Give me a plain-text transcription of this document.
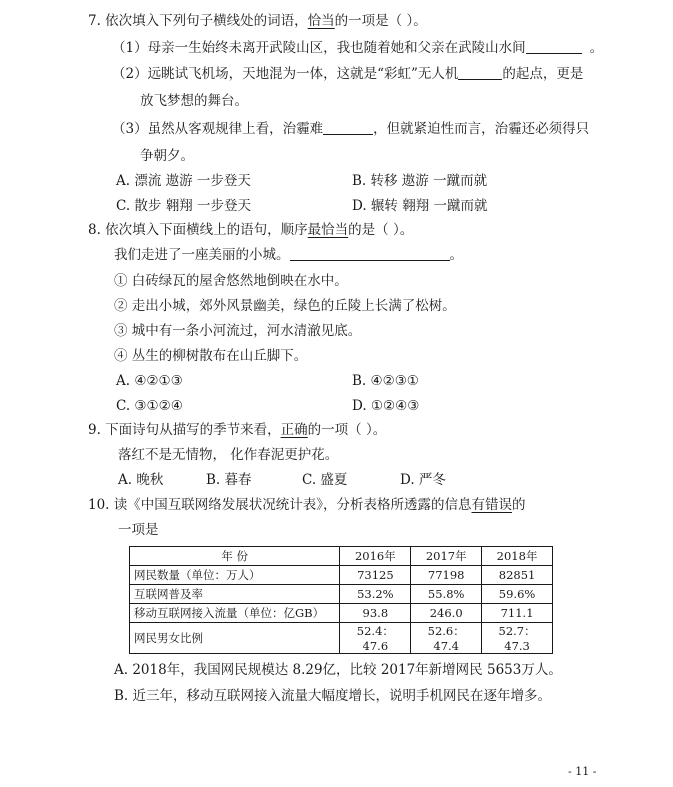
7. 依次填入下列句子横线处的词语，恰当的一项是（ ）。
（1）母亲一生始终未离开武陵山区，我也随着她和父亲在武陵山水间	。
（2）远眺试飞机场，天地混为一体，这就是“彩虹”无人机	的起点，更是
放飞梦想的舞台。
（3）虽然从客观规律上看，治霾难	，但就紧迫性而言，治霾还必须得只
争朝夕。
A. 漂流 遨游 一步登天	B. 转移 遨游 一蹴而就
C. 散步 翱翔 一步登天	D. 辗转 翱翔 一蹴而就
8. 依次填入下面横线上的语句，顺序最恰当的是（ ）。
我们走进了一座美丽的小城。	。
① 白砖绿瓦的屋舍悠然地倒映在水中。
② 走出小城，郊外风景幽美，绿色的丘陵上长满了松树。
③ 城中有一条小河流过，河水清澈见底。
④ 丛生的柳树散布在山丘脚下。
A. ④②①③	B. ④②③①
C. ③①②④	D. ①②④③
9. 下面诗句从描写的季节来看，正确的一项（ ）。
落红不是无情物， 化作春泥更护花。
A. 晚秋	B. 暮春	C. 盛夏	D. 严冬
10. 读《中国互联网络发展状况统计表》，分析表格所透露的信息有错误的
一项是
年 份	2016年	2017年	2018年
网民数量（单位：万人）	73125	77198	82851
互联网普及率	53.2%	55.8%	59.6%
移动互联网接入流量（单位：亿GB）	93.8	246.0	711.1
网民男女比例	52.4：47.6	52.6：47.4	52.7：47.3
A. 2018年，我国网民规模达 8.29亿，比较 2017年新增网民 5653万人。
B. 近三年，移动互联网接入流量大幅度增长，说明手机网民在逐年增多。
- 11 -
